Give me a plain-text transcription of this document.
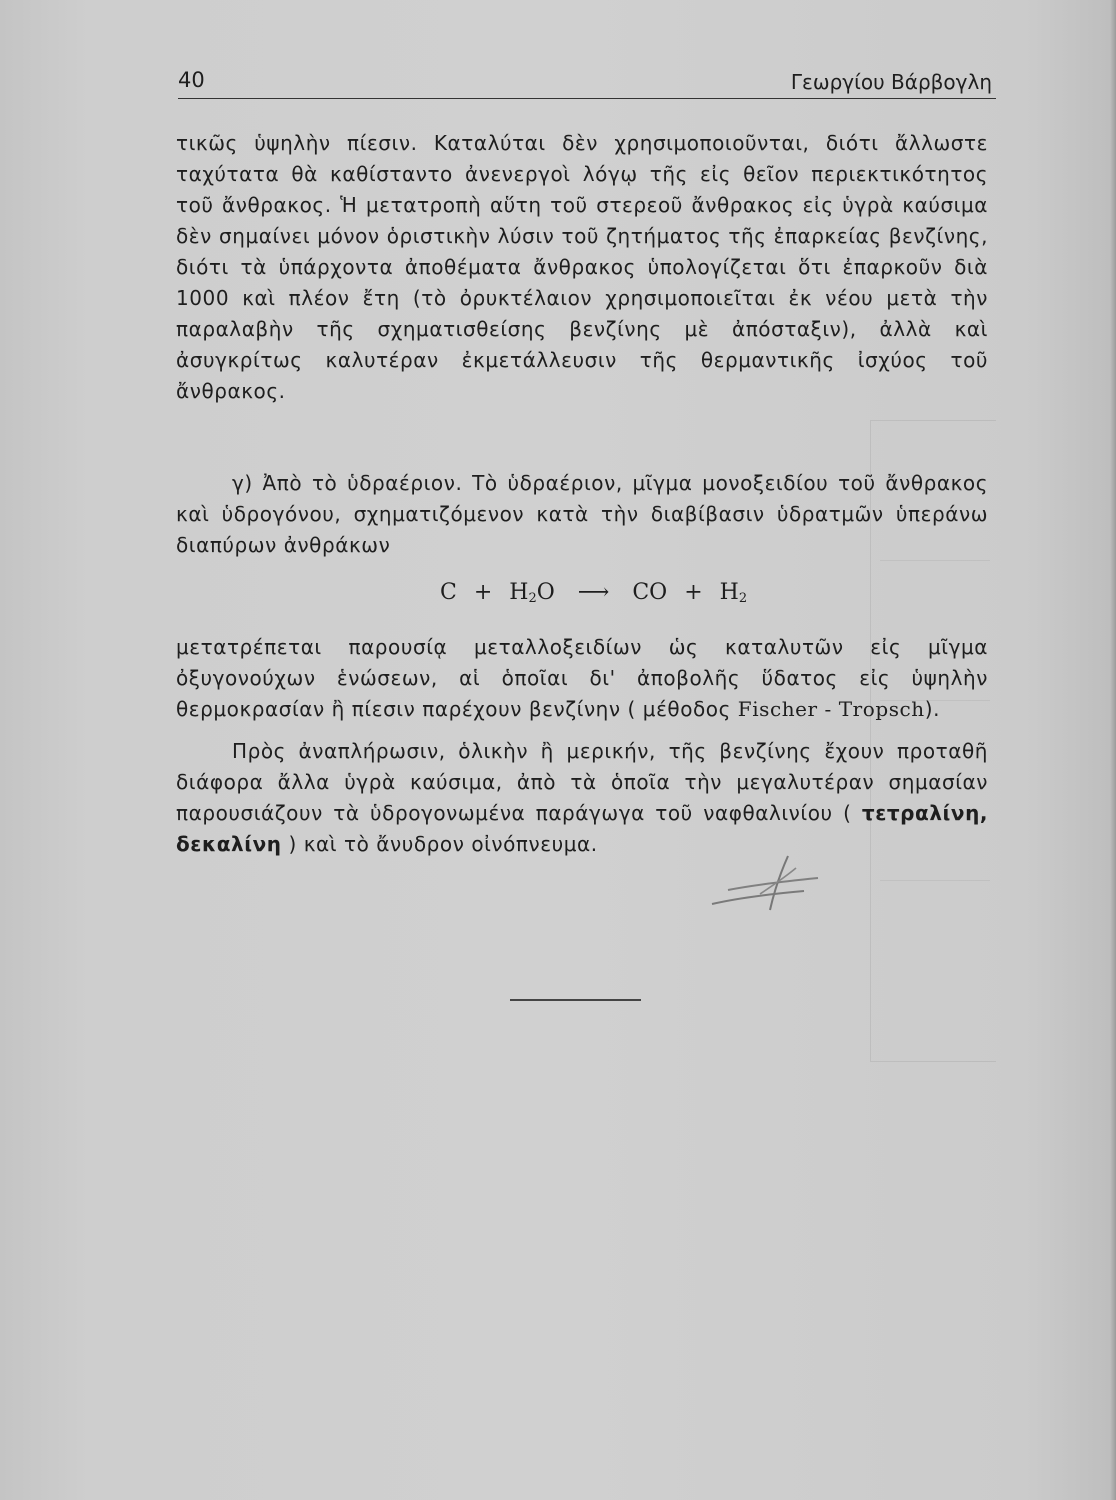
40	Γεωργίου Βάρβογλη

τικῶς ὑψηλὴν πίεσιν. Καταλύται δὲν χρησιμοποιοῦνται, διότι ἄλλωστε ταχύτατα θὰ καθίσταντο ἀνενεργοὶ λόγῳ τῆς εἰς θεῖον περιεκτικότητος τοῦ ἄνθρακος. Ἡ μετατροπὴ αὕτη τοῦ στερεοῦ ἄνθρακος εἰς ὑγρὰ καύσιμα δὲν σημαίνει μόνον ὁριστικὴν λύσιν τοῦ ζητήματος τῆς ἐπαρκείας βενζίνης, διότι τὰ ὑπάρχοντα ἀποθέματα ἄνθρακος ὑπολογίζεται ὅτι ἐπαρκοῦν διὰ 1000 καὶ πλέον ἔτη (τὸ ὀρυκτέλαιον χρησιμοποιεῖται ἐκ νέου μετὰ τὴν παραλαβὴν τῆς σχηματισθείσης βενζίνης μὲ ἀπόσταξιν), ἀλλὰ καὶ ἀσυγκρίτως καλυτέραν ἐκμετάλλευσιν τῆς θερμαντικῆς ἰσχύος τοῦ ἄνθρακος.

γ) Ἀπὸ τὸ ὑδραέριον. Τὸ ὑδραέριον, μῖγμα μονοξειδίου τοῦ ἄνθρακος καὶ ὑδρογόνου, σχηματιζόμενον κατὰ τὴν διαβίβασιν ὑδρατμῶν ὑπεράνω διαπύρων ἀνθράκων

$C + H_2O$ ⟶ CO + $H_2$

μετατρέπεται παρουσίᾳ μεταλλοξειδίων ὡς καταλυτῶν εἰς μῖγμα ὀξυγονούχων ἑνώσεων, αἱ ὁποῖαι δι' ἀποβολῆς ὕδατος εἰς ὑψηλὴν θερμοκρασίαν ἢ πίεσιν παρέχουν βενζίνην ( μέθοδος Fischer - Tropsch).

Πρὸς ἀναπλήρωσιν, ὁλικὴν ἢ μερικήν, τῆς βενζίνης ἔχουν προταθῆ διάφορα ἄλλα ὑγρὰ καύσιμα, ἀπὸ τὰ ὁποῖα τὴν μεγαλυτέραν σημασίαν παρουσιάζουν τὰ ὑδρογονωμένα παράγωγα τοῦ ναφθαλινίου ( τετραλίνη, δεκαλίνη ) καὶ τὸ ἄνυδρον οἰνόπνευμα.
